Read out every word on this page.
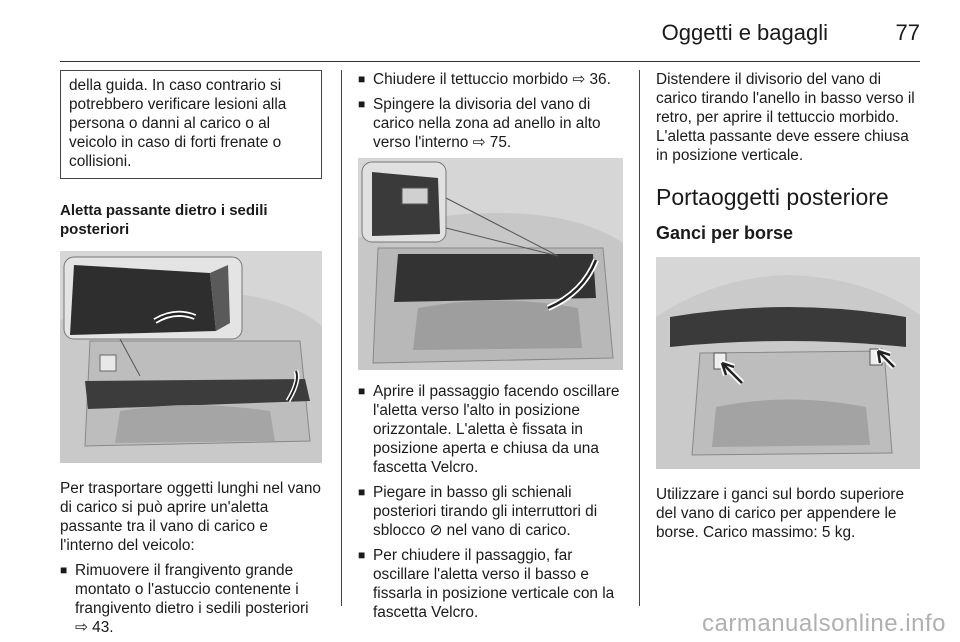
Oggetti e bagagli	77
della guida. In caso contrario si potrebbero verificare lesioni alla persona o danni al carico o al veicolo in caso di forti frenate o collisioni.
Aletta passante dietro i sedili posteriori
Per trasportare oggetti lunghi nel vano di carico si può aprire un'aletta passante tra il vano di carico e l'interno del veicolo:
■ Rimuovere il frangivento grande montato o l'astuccio contenente i frangivento dietro i sedili posteriori ⇨ 43.
■ Chiudere il tettuccio morbido ⇨ 36.
■ Spingere la divisoria del vano di carico nella zona ad anello in alto verso l'interno ⇨ 75.
■ Aprire il passaggio facendo oscillare l'aletta verso l'alto in posizione orizzontale. L'aletta è fissata in posizione aperta e chiusa da una fascetta Velcro.
■ Piegare in basso gli schienali posteriori tirando gli interruttori di sblocco ⊘ nel vano di carico.
■ Per chiudere il passaggio, far oscillare l'aletta verso il basso e fissarla in posizione verticale con la fascetta Velcro.
Distendere il divisorio del vano di carico tirando l'anello in basso verso il retro, per aprire il tettuccio morbido. L'aletta passante deve essere chiusa in posizione verticale.
Portaoggetti posteriore
Ganci per borse
Utilizzare i ganci sul bordo superiore del vano di carico per appendere le borse. Carico massimo: 5 kg.
carmanualsonline.info
